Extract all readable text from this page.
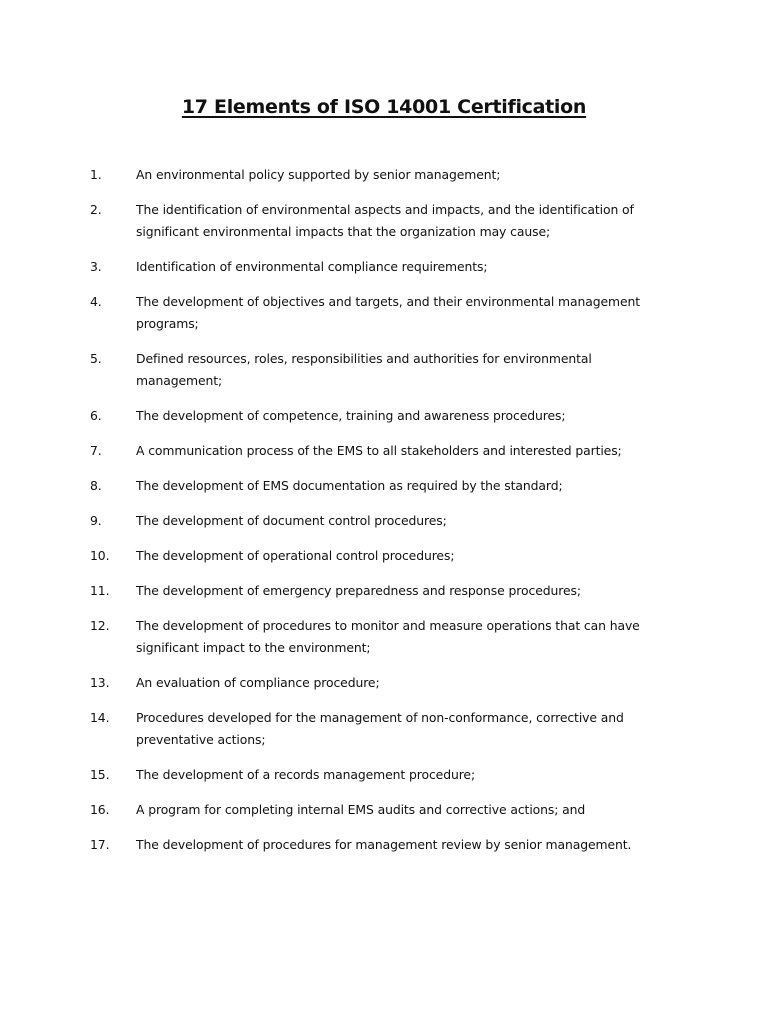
17 Elements of ISO 14001 Certification
1.	An environmental policy supported by senior management;
2.	The identification of environmental aspects and impacts, and the identification of significant environmental impacts that the organization may cause;
3.	Identification of environmental compliance requirements;
4.	The development of objectives and targets, and their environmental management programs;
5.	Defined resources, roles, responsibilities and authorities for environmental management;
6.	The development of competence, training and awareness procedures;
7.	A communication process of the EMS to all stakeholders and interested parties;
8.	The development of EMS documentation as required by the standard;
9.	The development of document control procedures;
10.	The development of operational control procedures;
11.	The development of emergency preparedness and response procedures;
12.	The development of procedures to monitor and measure operations that can have significant impact to the environment;
13.	An evaluation of compliance procedure;
14.	Procedures developed for the management of non-conformance, corrective and preventative actions;
15.	The development of a records management procedure;
16.	A program for completing internal EMS audits and corrective actions; and
17.	The development of procedures for management review by senior management.
